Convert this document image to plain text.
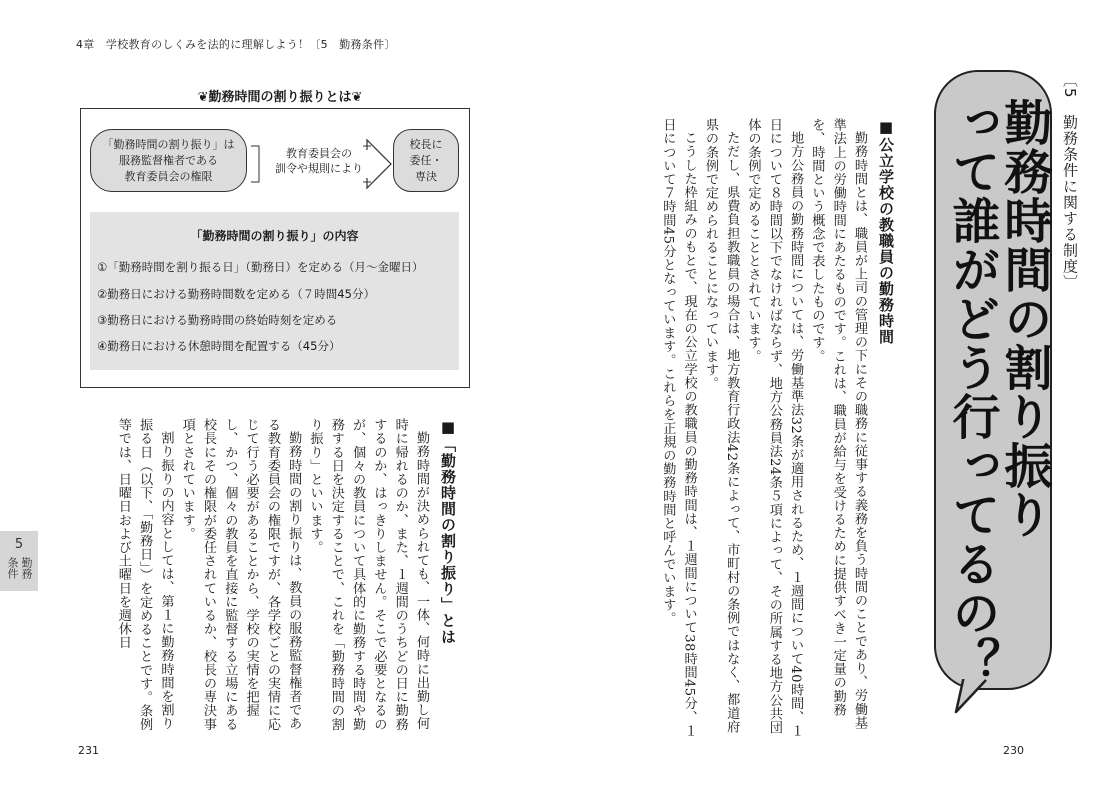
4章　学校教育のしくみを法的に理解しよう！〔5　勤務条件〕
231	230
5
勤務
条件
❦勤務時間の割り振りとは❦
「勤務時間の割り振り」は
服務監督権者である
教育委員会の権限
教育委員会の
訓令や規則により
校長に
委任・
専決
「勤務時間の割り振り」の内容
①「勤務時間を割り振る日」（勤務日）を定める（月～金曜日）
②勤務日における勤務時間数を定める（７時間45分）
③勤務日における勤務時間の終始時刻を定める
④勤務日における休憩時間を配置する（45分）
■公立学校の教職員の勤務時間

勤務時間とは、職員が上司の管理の下にその職務に従事する義務を負う時間のことであり、労働基準法上の労働時間にあたるものです。これは、職員が給与を受けるために提供すべき一定量の勤務を、時間という概念で表したものです。

地方公務員の勤務時間については、労働基準法32条が適用されるため、１週間について40時間、１日について８時間以下でなければならず、地方公務員法24条５項によって、その所属する地方公共団体の条例で定めることとされています。

ただし、県費負担教職員の場合は、地方教育行政法42条によって、市町村の条例ではなく、都道府県の条例で定められることになっています。

こうした枠組みのもとで、現在の公立学校の教職員の勤務時間は、１週間について38時間45分、１日について７時間45分となっています。これらを正規の勤務時間と呼んでいます。

■「勤務時間の割り振り」とは

勤務時間が決められても、一体、何時に出勤し何時に帰れるのか、また、１週間のうちどの日に勤務するのか、はっきりしません。そこで必要となるのが、個々の教員について具体的に勤務する時間や勤務する日を決定することで、これを「勤務時間の割り振り」といいます。

勤務時間の割り振りは、教員の服務監督権者である教育委員会の権限ですが、各学校ごとの実情に応じて行う必要があることから、学校の実情を把握し、かつ、個々の教員を直接に監督する立場にある校長にその権限が委任されているか、校長の専決事項とされています。

割り振りの内容としては、第１に勤務時間を割り振る日（以下、「勤務日」）を定めることです。条例等では、日曜日および土曜日を週休日

〔5　勤務条件に関する制度〕
勤務時間の割り振り
って誰がどう行ってるの？
